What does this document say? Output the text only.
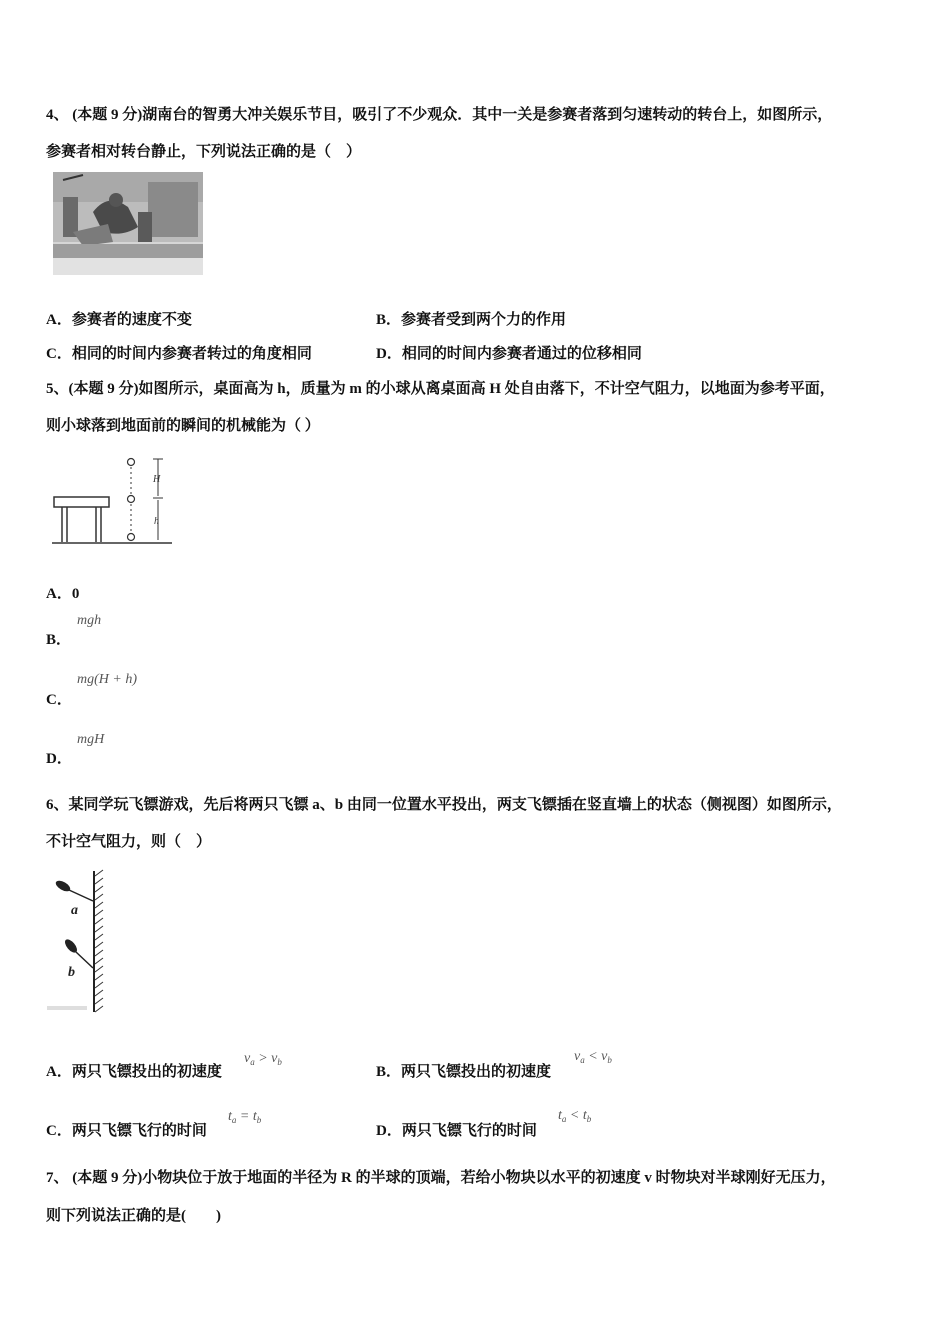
4、 (本题 9 分)湖南台的智勇大冲关娱乐节目，吸引了不少观众．其中一关是参赛者落到匀速转动的转台上，如图所示，
参赛者相对转台静止，下列说法正确的是（　）
A．参赛者的速度不变	B．参赛者受到两个力的作用
C．相同的时间内参赛者转过的角度相同	D．相同的时间内参赛者通过的位移相同
5、(本题 9 分)如图所示，桌面高为 h，质量为 m 的小球从离桌面高 H 处自由落下，不计空气阻力，以地面为参考平面，
则小球落到地面前的瞬间的机械能为（ ）
H
h
A．0
B．
mgh
C．
mg(H + h)
D．
mgH
6、某同学玩飞镖游戏，先后将两只飞镖 a、b 由同一位置水平投出，两支飞镖插在竖直墙上的状态（侧视图）如图所示，
不计空气阻力，则（　）
a
b
A．两只飞镖投出的初速度
$v_a > v_b$
B．两只飞镖投出的初速度
$v_a < v_b$
C．两只飞镖飞行的时间
$t_a = t_b$
D．两只飞镖飞行的时间
$t_a < t_b$
7、 (本题 9 分)小物块位于放于地面的半径为 R 的半球的顶端，若给小物块以水平的初速度 v 时物块对半球刚好无压力，
则下列说法正确的是(　　)
